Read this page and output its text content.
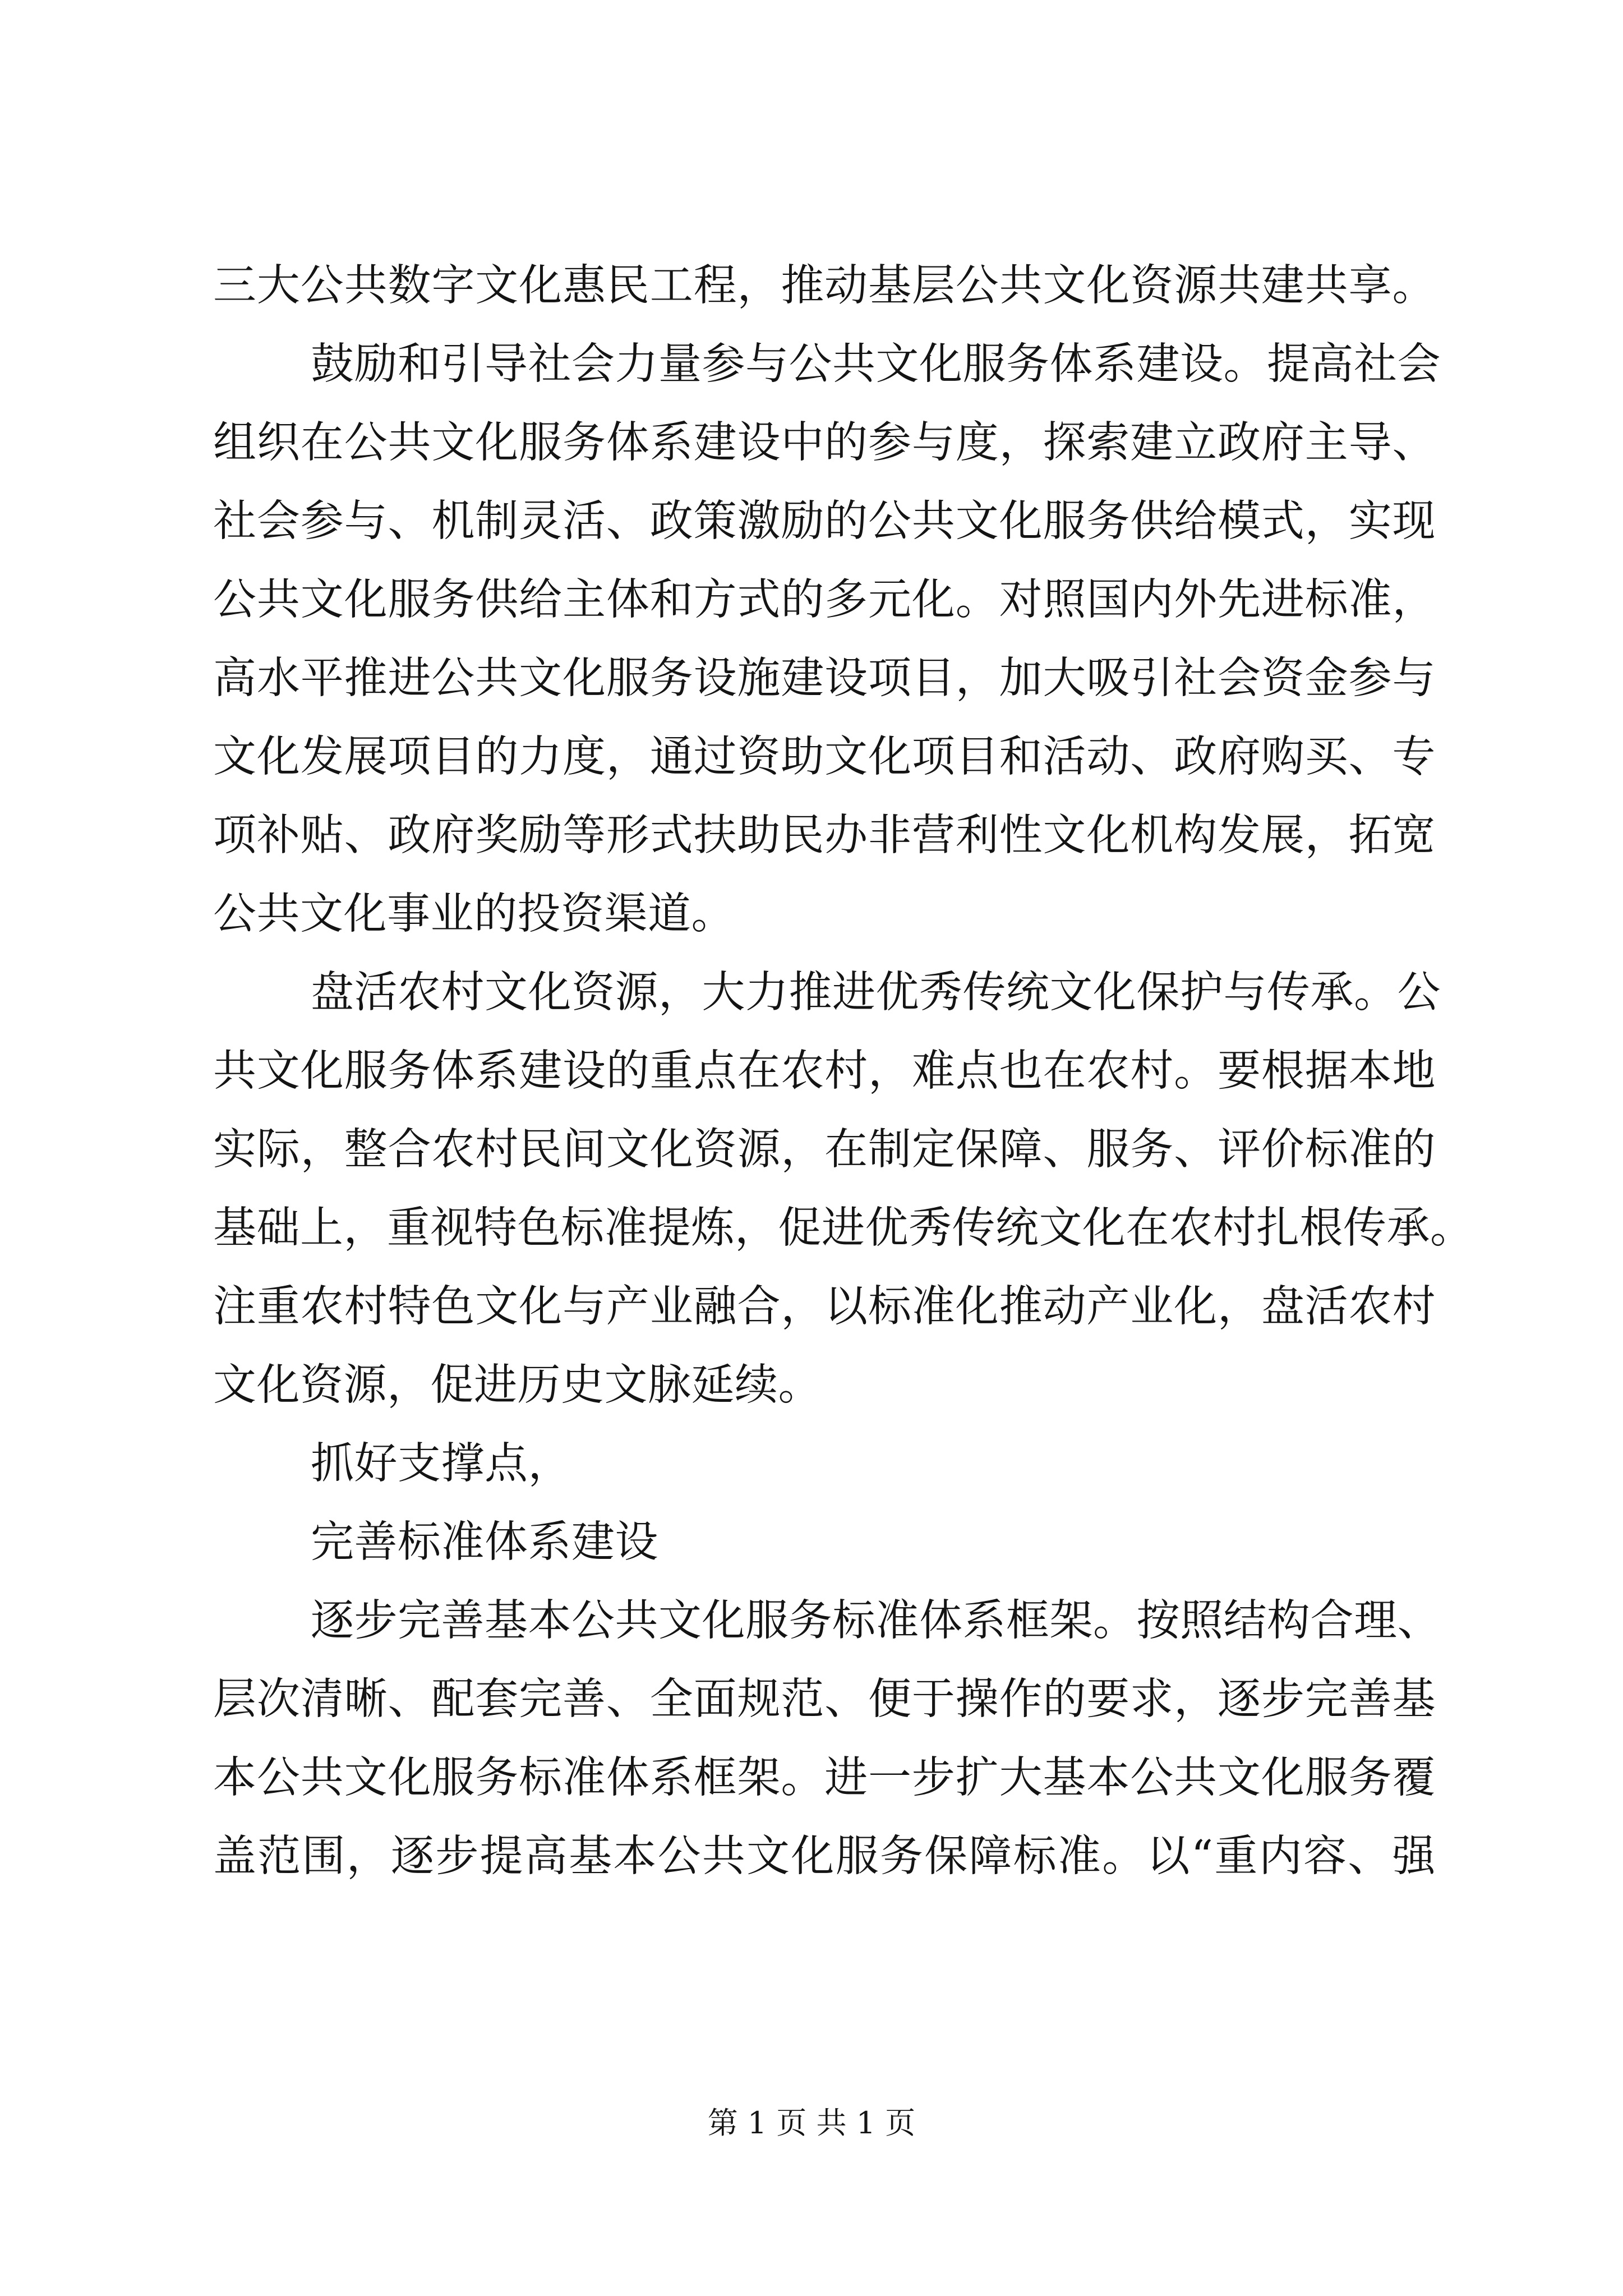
三大公共数字文化惠民工程，推动基层公共文化资源共建共享。
鼓励和引导社会力量参与公共文化服务体系建设。提高社会
组织在公共文化服务体系建设中的参与度，探索建立政府主导、
社会参与、机制灵活、政策激励的公共文化服务供给模式，实现
公共文化服务供给主体和方式的多元化。对照国内外先进标准，
高水平推进公共文化服务设施建设项目，加大吸引社会资金参与
文化发展项目的力度，通过资助文化项目和活动、政府购买、专
项补贴、政府奖励等形式扶助民办非营利性文化机构发展，拓宽
公共文化事业的投资渠道。
盘活农村文化资源，大力推进优秀传统文化保护与传承。公
共文化服务体系建设的重点在农村，难点也在农村。要根据本地
实际，整合农村民间文化资源，在制定保障、服务、评价标准的
基础上，重视特色标准提炼，促进优秀传统文化在农村扎根传承。
注重农村特色文化与产业融合，以标准化推动产业化，盘活农村
文化资源，促进历史文脉延续。
抓好支撑点，
完善标准体系建设
逐步完善基本公共文化服务标准体系框架。按照结构合理、
层次清晰、配套完善、全面规范、便于操作的要求，逐步完善基
本公共文化服务标准体系框架。进一步扩大基本公共文化服务覆
盖范围，逐步提高基本公共文化服务保障标准。以“重内容、强
第 1 页 共 1 页
